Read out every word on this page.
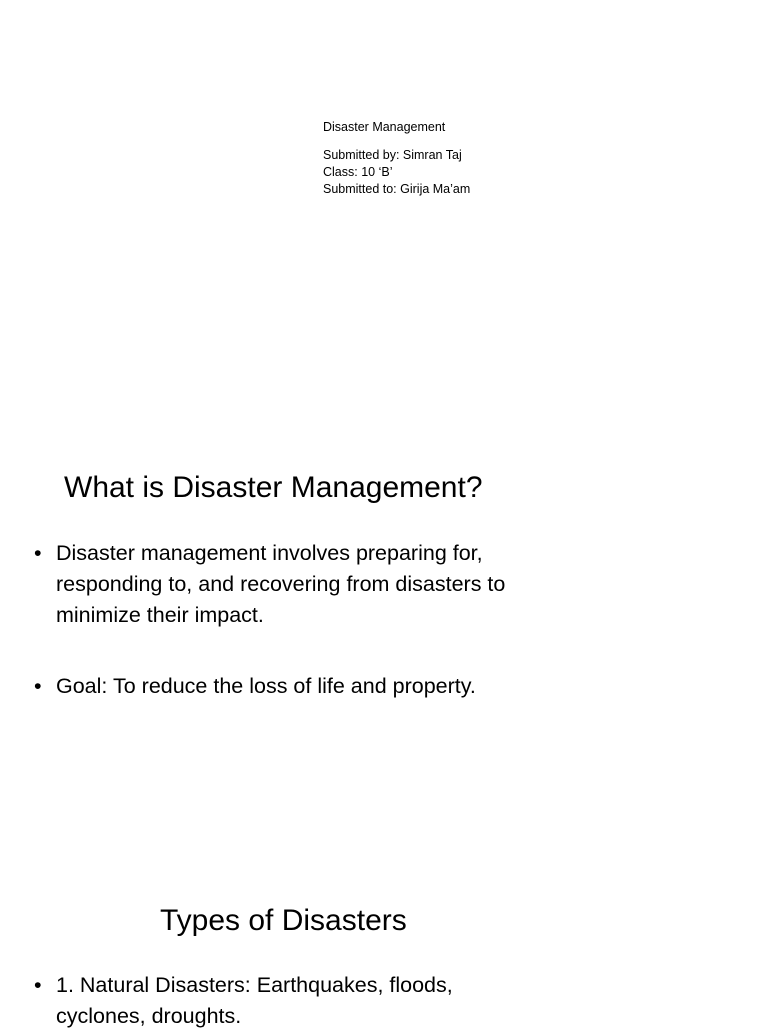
Disaster Management
Submitted by: Simran Taj
Class: 10 ‘B’
Submitted to: Girija Ma’am
What is Disaster Management?
• Disaster management involves preparing for, responding to, and recovering from disasters to minimize their impact.
• Goal: To reduce the loss of life and property.
Types of Disasters
• 1. Natural Disasters: Earthquakes, floods, cyclones, droughts.
